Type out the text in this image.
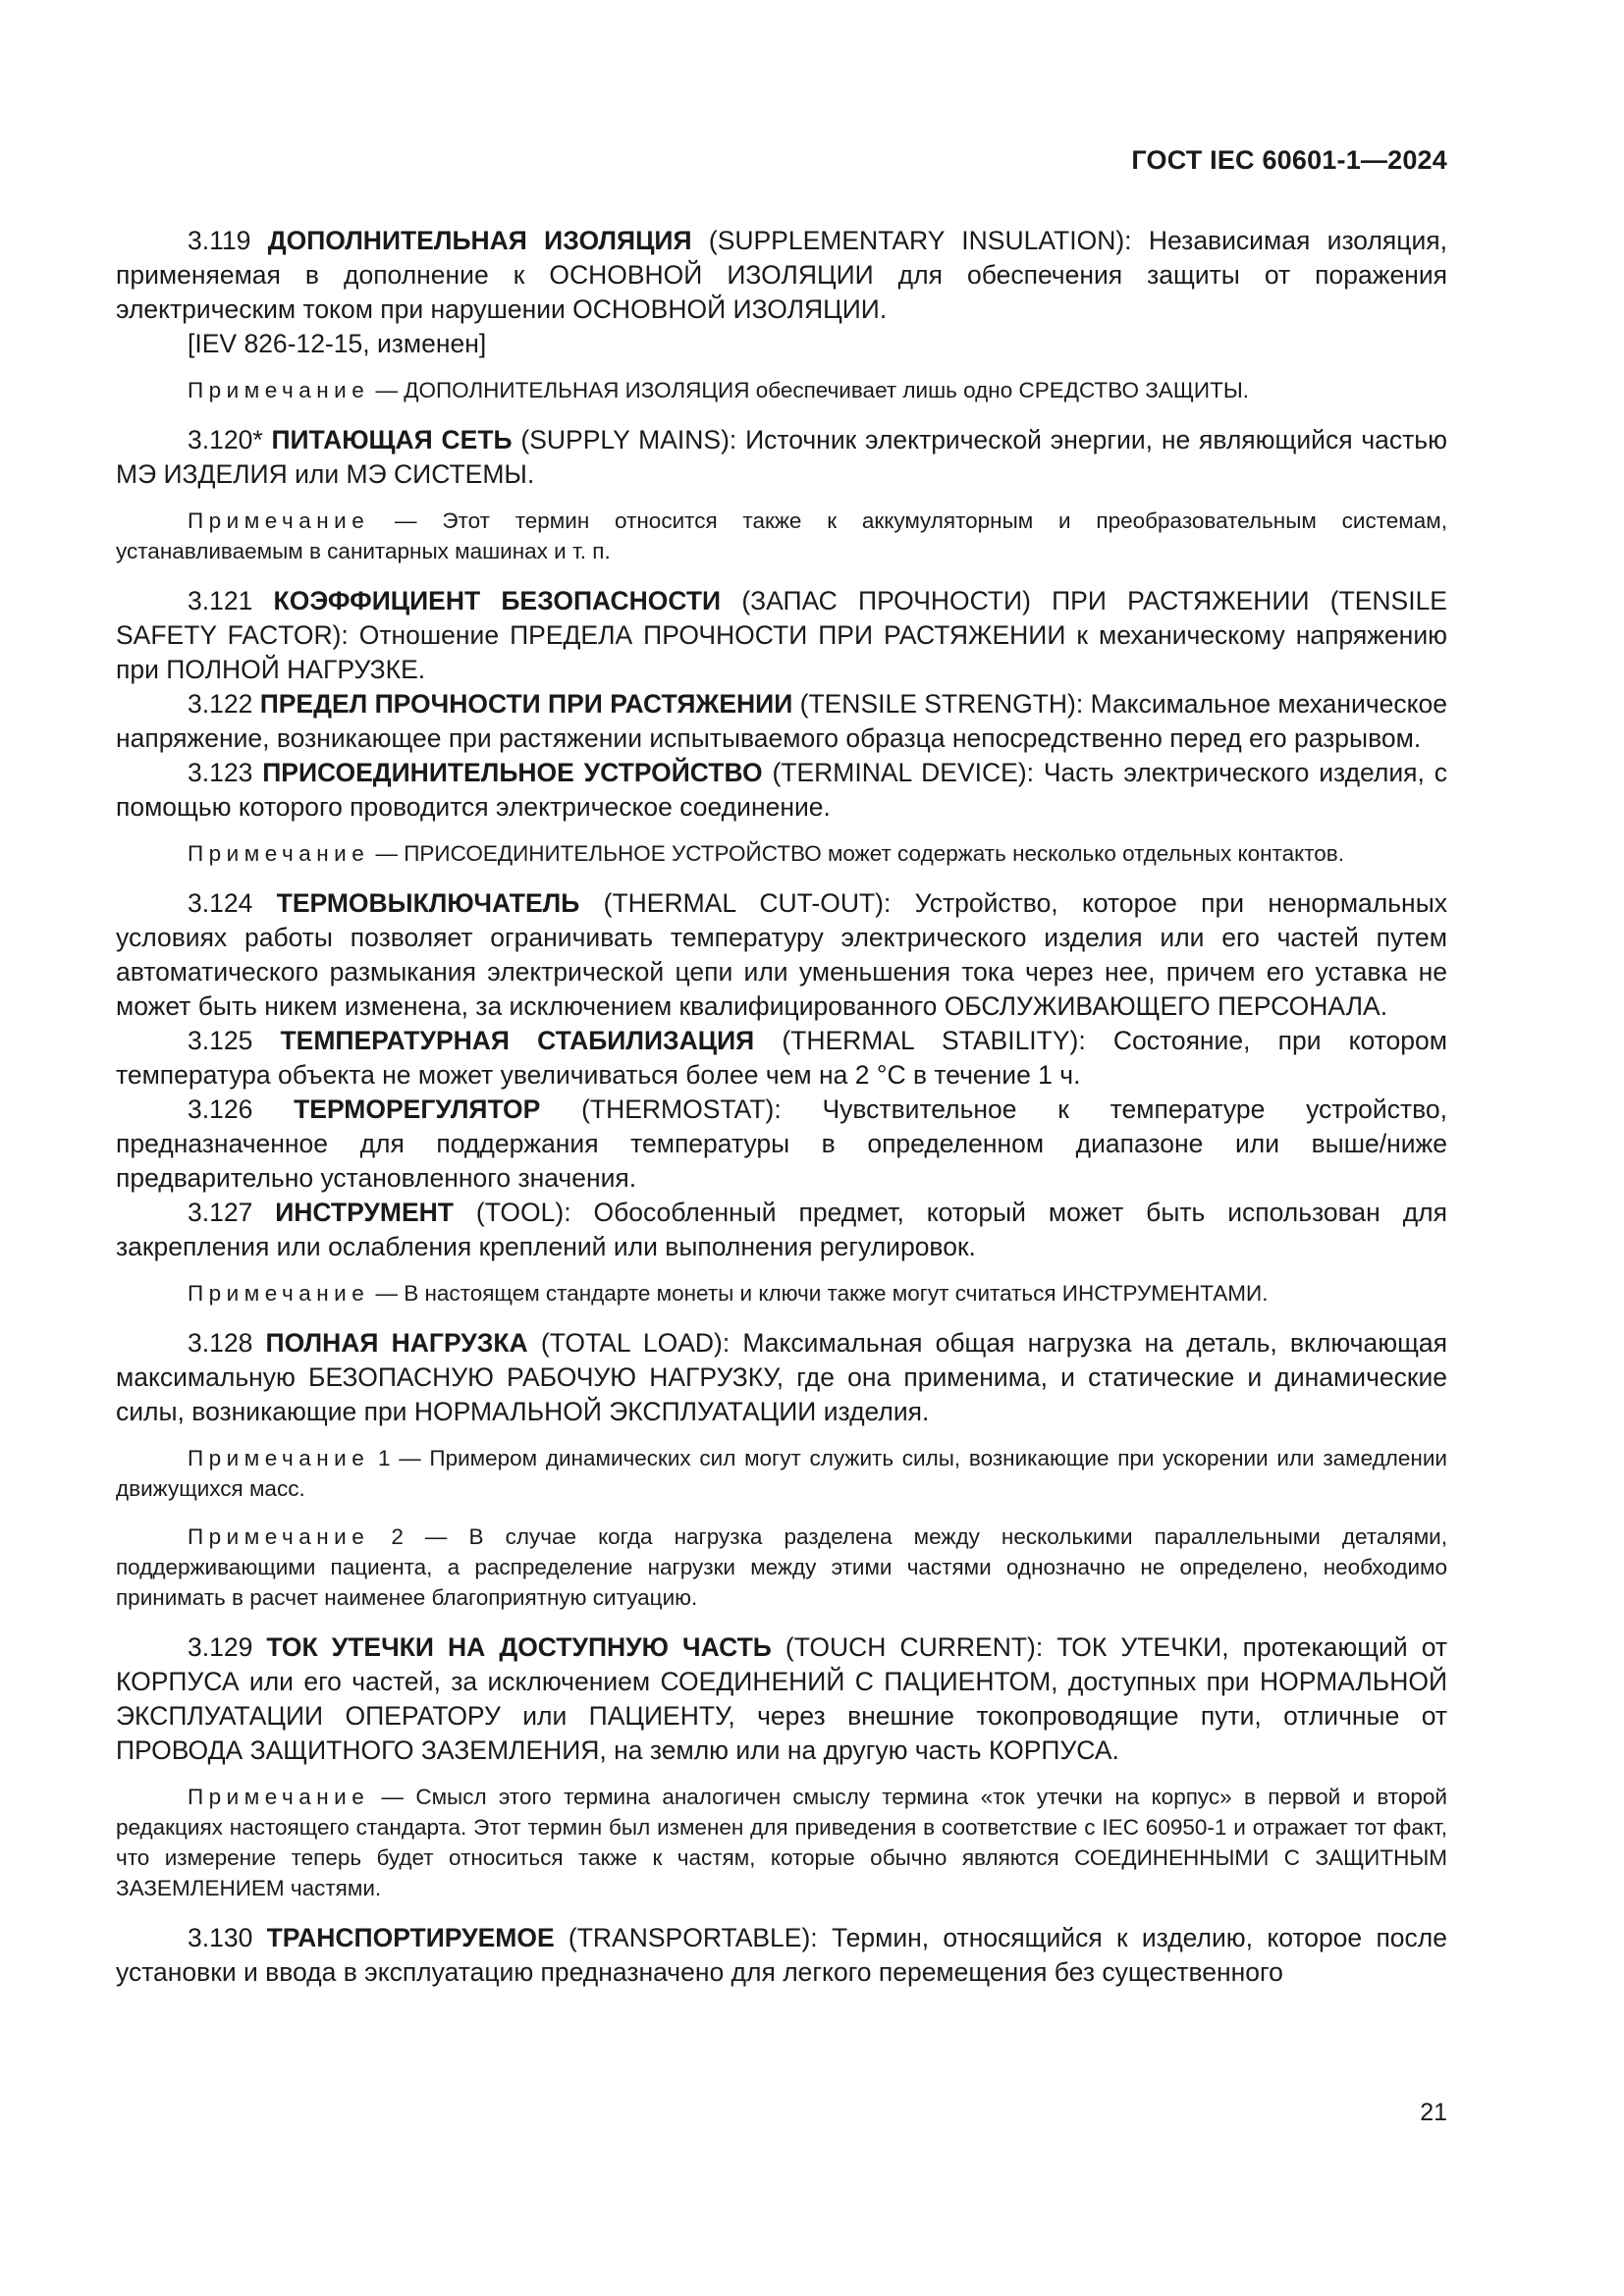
ГОСТ IEC 60601-1—2024

3.119 ДОПОЛНИТЕЛЬНАЯ ИЗОЛЯЦИЯ (SUPPLEMENTARY INSULATION): Независимая изоляция, применяемая в дополнение к ОСНОВНОЙ ИЗОЛЯЦИИ для обеспечения защиты от поражения электрическим током при нарушении ОСНОВНОЙ ИЗОЛЯЦИИ.

[IEV 826-12-15, изменен]

Примечание — ДОПОЛНИТЕЛЬНАЯ ИЗОЛЯЦИЯ обеспечивает лишь одно СРЕДСТВО ЗАЩИТЫ.

3.120* ПИТАЮЩАЯ СЕТЬ (SUPPLY MAINS): Источник электрической энергии, не являющийся частью МЭ ИЗДЕЛИЯ или МЭ СИСТЕМЫ.

Примечание — Этот термин относится также к аккумуляторным и преобразовательным системам, устанавливаемым в санитарных машинах и т. п.

3.121 КОЭФФИЦИЕНТ БЕЗОПАСНОСТИ (ЗАПАС ПРОЧНОСТИ) ПРИ РАСТЯЖЕНИИ (TENSILE SAFETY FACTOR): Отношение ПРЕДЕЛА ПРОЧНОСТИ ПРИ РАСТЯЖЕНИИ к механическому напряжению при ПОЛНОЙ НАГРУЗКЕ.

3.122 ПРЕДЕЛ ПРОЧНОСТИ ПРИ РАСТЯЖЕНИИ (TENSILE STRENGTH): Максимальное механическое напряжение, возникающее при растяжении испытываемого образца непосредственно перед его разрывом.

3.123 ПРИСОЕДИНИТЕЛЬНОЕ УСТРОЙСТВО (TERMINAL DEVICE): Часть электрического изделия, с помощью которого проводится электрическое соединение.

Примечание — ПРИСОЕДИНИТЕЛЬНОЕ УСТРОЙСТВО может содержать несколько отдельных контактов.

3.124 ТЕРМОВЫКЛЮЧАТЕЛЬ (THERMAL CUT-OUT): Устройство, которое при ненормальных условиях работы позволяет ограничивать температуру электрического изделия или его частей путем автоматического размыкания электрической цепи или уменьшения тока через нее, причем его уставка не может быть никем изменена, за исключением квалифицированного ОБСЛУЖИВАЮЩЕГО ПЕРСОНАЛА.

3.125 ТЕМПЕРАТУРНАЯ СТАБИЛИЗАЦИЯ (THERMAL STABILITY): Состояние, при котором температура объекта не может увеличиваться более чем на 2 °С в течение 1 ч.

3.126 ТЕРМОРЕГУЛЯТОР (THERMOSTAT): Чувствительное к температуре устройство, предназначенное для поддержания температуры в определенном диапазоне или выше/ниже предварительно установленного значения.

3.127 ИНСТРУМЕНТ (TOOL): Обособленный предмет, который может быть использован для закрепления или ослабления креплений или выполнения регулировок.

Примечание — В настоящем стандарте монеты и ключи также могут считаться ИНСТРУМЕНТАМИ.

3.128 ПОЛНАЯ НАГРУЗКА (TOTAL LOAD): Максимальная общая нагрузка на деталь, включающая максимальную БЕЗОПАСНУЮ РАБОЧУЮ НАГРУЗКУ, где она применима, и статические и динамические силы, возникающие при НОРМАЛЬНОЙ ЭКСПЛУАТАЦИИ изделия.

Примечание 1 — Примером динамических сил могут служить силы, возникающие при ускорении или замедлении движущихся масс.

Примечание 2 — В случае когда нагрузка разделена между несколькими параллельными деталями, поддерживающими пациента, а распределение нагрузки между этими частями однозначно не определено, необходимо принимать в расчет наименее благоприятную ситуацию.

3.129 ТОК УТЕЧКИ НА ДОСТУПНУЮ ЧАСТЬ (TOUCH CURRENT): ТОК УТЕЧКИ, протекающий от КОРПУСА или его частей, за исключением СОЕДИНЕНИЙ С ПАЦИЕНТОМ, доступных при НОРМАЛЬНОЙ ЭКСПЛУАТАЦИИ ОПЕРАТОРУ или ПАЦИЕНТУ, через внешние токопроводящие пути, отличные от ПРОВОДА ЗАЩИТНОГО ЗАЗЕМЛЕНИЯ, на землю или на другую часть КОРПУСА.

Примечание — Смысл этого термина аналогичен смыслу термина «ток утечки на корпус» в первой и второй редакциях настоящего стандарта. Этот термин был изменен для приведения в соответствие с IEC 60950-1 и отражает тот факт, что измерение теперь будет относиться также к частям, которые обычно являются СОЕДИНЕННЫМИ С ЗАЩИТНЫМ ЗАЗЕМЛЕНИЕМ частями.

3.130 ТРАНСПОРТИРУЕМОЕ (TRANSPORTABLE): Термин, относящийся к изделию, которое после установки и ввода в эксплуатацию предназначено для легкого перемещения без существенного

21
